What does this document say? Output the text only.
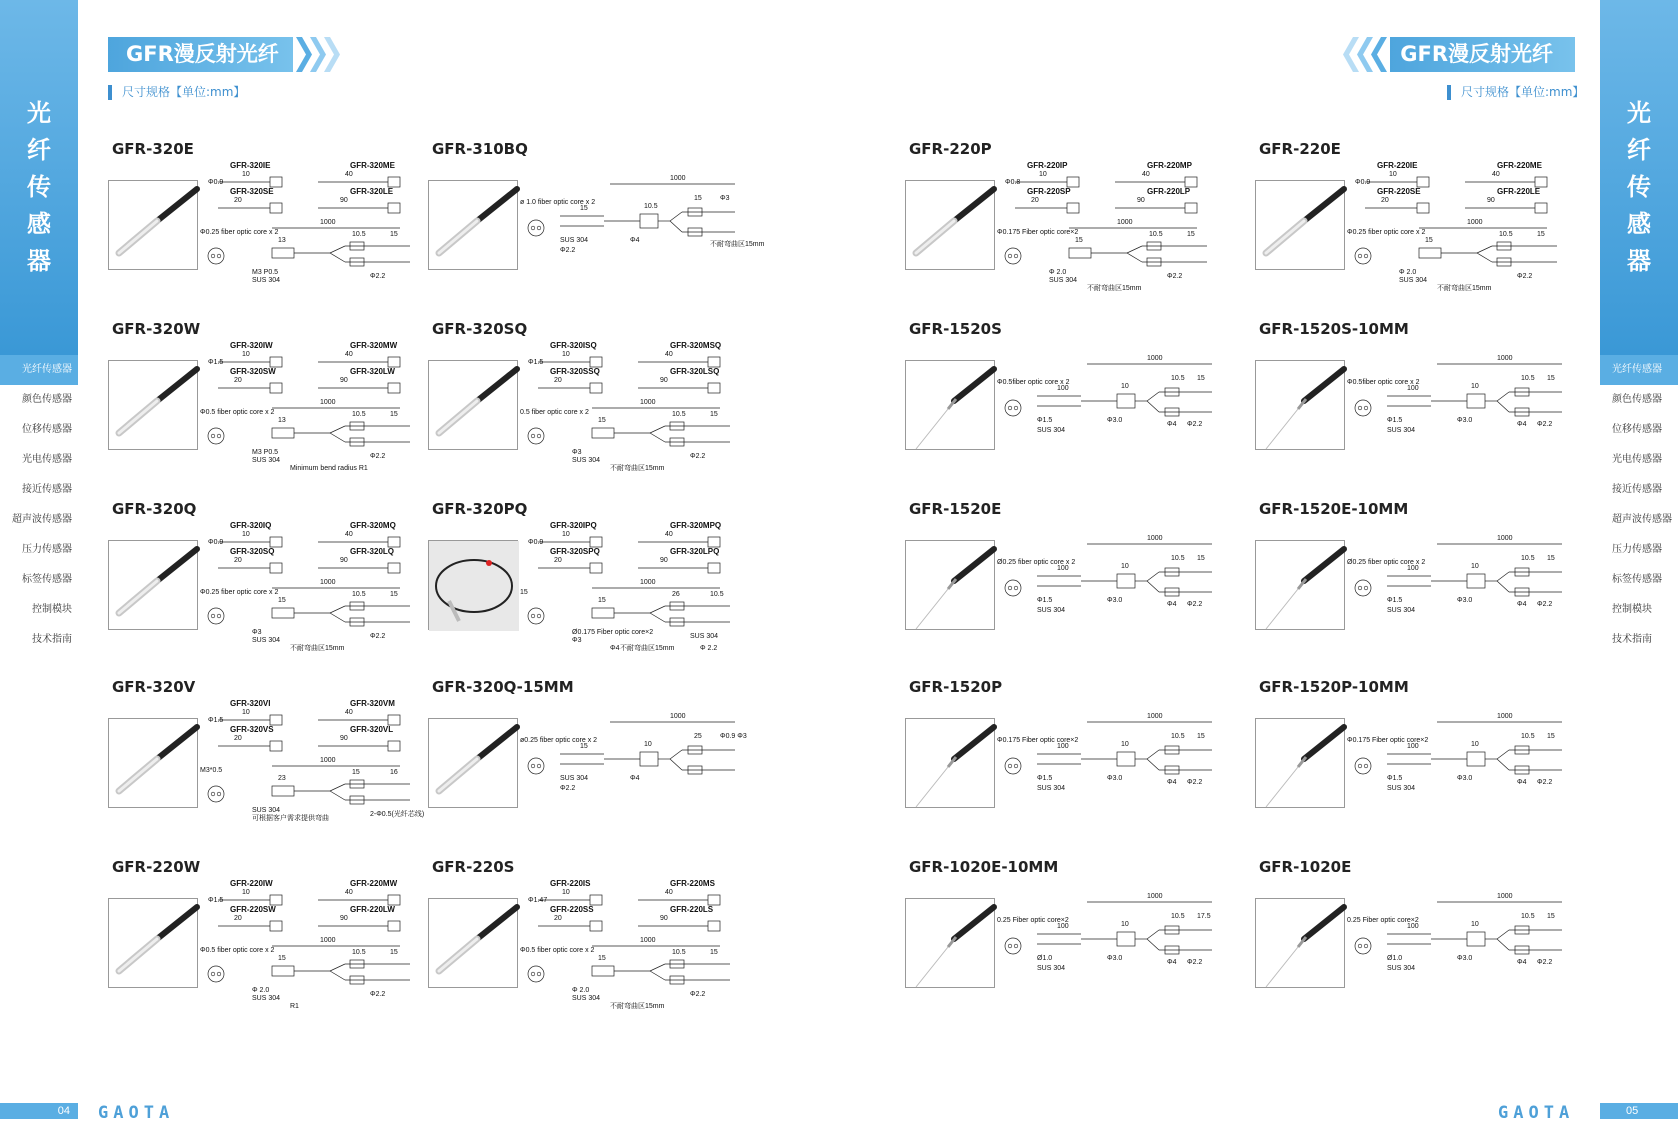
光
纤
传
感
器
光纤传感器
颜色传感器
位移传感器
光电传感器
接近传感器
超声波传感器
压力传感器
标签传感器
控制模块
技术指南
光
纤
传
感
器
光纤传感器
颜色传感器
位移传感器
光电传感器
接近传感器
超声波传感器
压力传感器
标签传感器
控制模块
技术指南
GFR漫反射光纤
尺寸规格【单位:mm】
GFR漫反射光纤
尺寸规格【单位:mm】
GFR-320E
GFR-320IE	GFR-320ME
GFR-320SE	GFR-320LE
Φ0.9
10	40
20	90
1000
13
10.5	15
Φ0.25 fiber optic core x 2
M3 P0.5
SUS 304
Φ2.2
GFR-310BQ
ø 1.0 fiber optic core x 2
15
1000
10.5
15	Φ3
SUS 304
Φ2.2
Φ4
不耐弯曲区15mm
GFR-320W
GFR-320IW	GFR-320MW
GFR-320SW	GFR-320LW
Φ1.5
10	40
20	90
1000
13
10.5	15
Φ0.5 fiber optic core x 2
M3 P0.5
SUS 304
Φ2.2
Minimum bend radius R1
GFR-320SQ
GFR-320ISQ	GFR-320MSQ
GFR-320SSQ	GFR-320LSQ
Φ1.5
10	40
20	90
1000
15
10.5	15
0.5 fiber optic core x 2
Φ3
SUS 304
Φ2.2
不耐弯曲区15mm
GFR-320Q
GFR-320IQ	GFR-320MQ
GFR-320SQ	GFR-320LQ
Φ0.9
10	40
20	90
1000
15
10.5	15
Φ0.25 fiber optic core x 2
Φ3
SUS 304
Φ2.2
不耐弯曲区15mm
GFR-320PQ
GFR-320IPQ	GFR-320MPQ
GFR-320SPQ	GFR-320LPQ
Φ0.9
10	40
20	90
1000
15
26	10.5
15
Ø0.175 Fiber optic core×2
Φ3
SUS 304
Φ4	Φ 2.2
不耐弯曲区15mm
GFR-320V
GFR-320VI	GFR-320VM
GFR-320VS	GFR-320VL
Φ1.5
10	40
20	90
1000
23
15	16
M3*0.5
SUS 304
可根据客户需求提供弯曲
2-Φ0.5(光纤芯线)
GFR-320Q-15MM
ø0.25 fiber optic core x 2
15
1000
10
25	Φ0.9 Φ3
SUS 304
Φ2.2
Φ4
GFR-220W
GFR-220IW	GFR-220MW
GFR-220SW	GFR-220LW
Φ1.5
10	40
20	90
1000
15
10.5	15
Φ0.5 fiber optic core x 2
Φ 2.0
SUS 304
Φ2.2
R1
GFR-220S
GFR-220IS	GFR-220MS
GFR-220SS	GFR-220LS
Φ1.47
10	40
20	90
1000
15
10.5	15
Φ0.5 fiber optic core x 2
Φ 2.0
SUS 304
Φ2.2
不耐弯曲区15mm
GFR-220P
GFR-220IP	GFR-220MP
GFR-220SP	GFR-220LP
Φ0.8
10	40
20	90
1000
15
10.5	15
Φ0.175 Fiber optic core×2
Φ 2.0
SUS 304
Φ2.2
不耐弯曲区15mm
GFR-220E
GFR-220IE	GFR-220ME
GFR-220SE	GFR-220LE
Φ0.9
10	40
20	90
1000
15
10.5	15
Φ0.25 fiber optic core x 2
Φ 2.0
SUS 304
Φ2.2
不耐弯曲区15mm
GFR-1520S
Φ0.5fiber optic core x 2
100
1000
10
10.5 15
Φ1.5
SUS 304
Φ3.0
Φ2.2
Φ4
GFR-1520S-10MM
Φ0.5fiber optic core x 2
100
1000
10
10.5 15
Φ1.5
SUS 304
Φ3.0
Φ2.2
Φ4
GFR-1520E
Ø0.25 fiber optic core x 2
100
1000
10
10.5 15
Φ1.5
SUS 304
Φ3.0
Φ2.2
Φ4
GFR-1520E-10MM
Ø0.25 fiber optic core x 2
100
1000
10
10.5 15
Φ1.5
SUS 304
Φ3.0
Φ2.2
Φ4
GFR-1520P
Φ0.175 Fiber optic core×2
100
1000
10
10.5 15
Φ1.5
SUS 304
Φ3.0
Φ2.2
Φ4
GFR-1520P-10MM
Φ0.175 Fiber optic core×2
100
1000
10
10.5 15
Φ1.5
SUS 304
Φ3.0
Φ2.2
Φ4
GFR-1020E-10MM
0.25 Fiber optic core×2
100
1000
10
10.5 17.5
Ø1.0
SUS 304
Φ3.0
Φ2.2
Φ4
GFR-1020E
0.25 Fiber optic core×2
100
1000
10
10.5 15
Ø1.0
SUS 304
Φ3.0
Φ2.2
Φ4
04	GAOTA	GAOTA	05
